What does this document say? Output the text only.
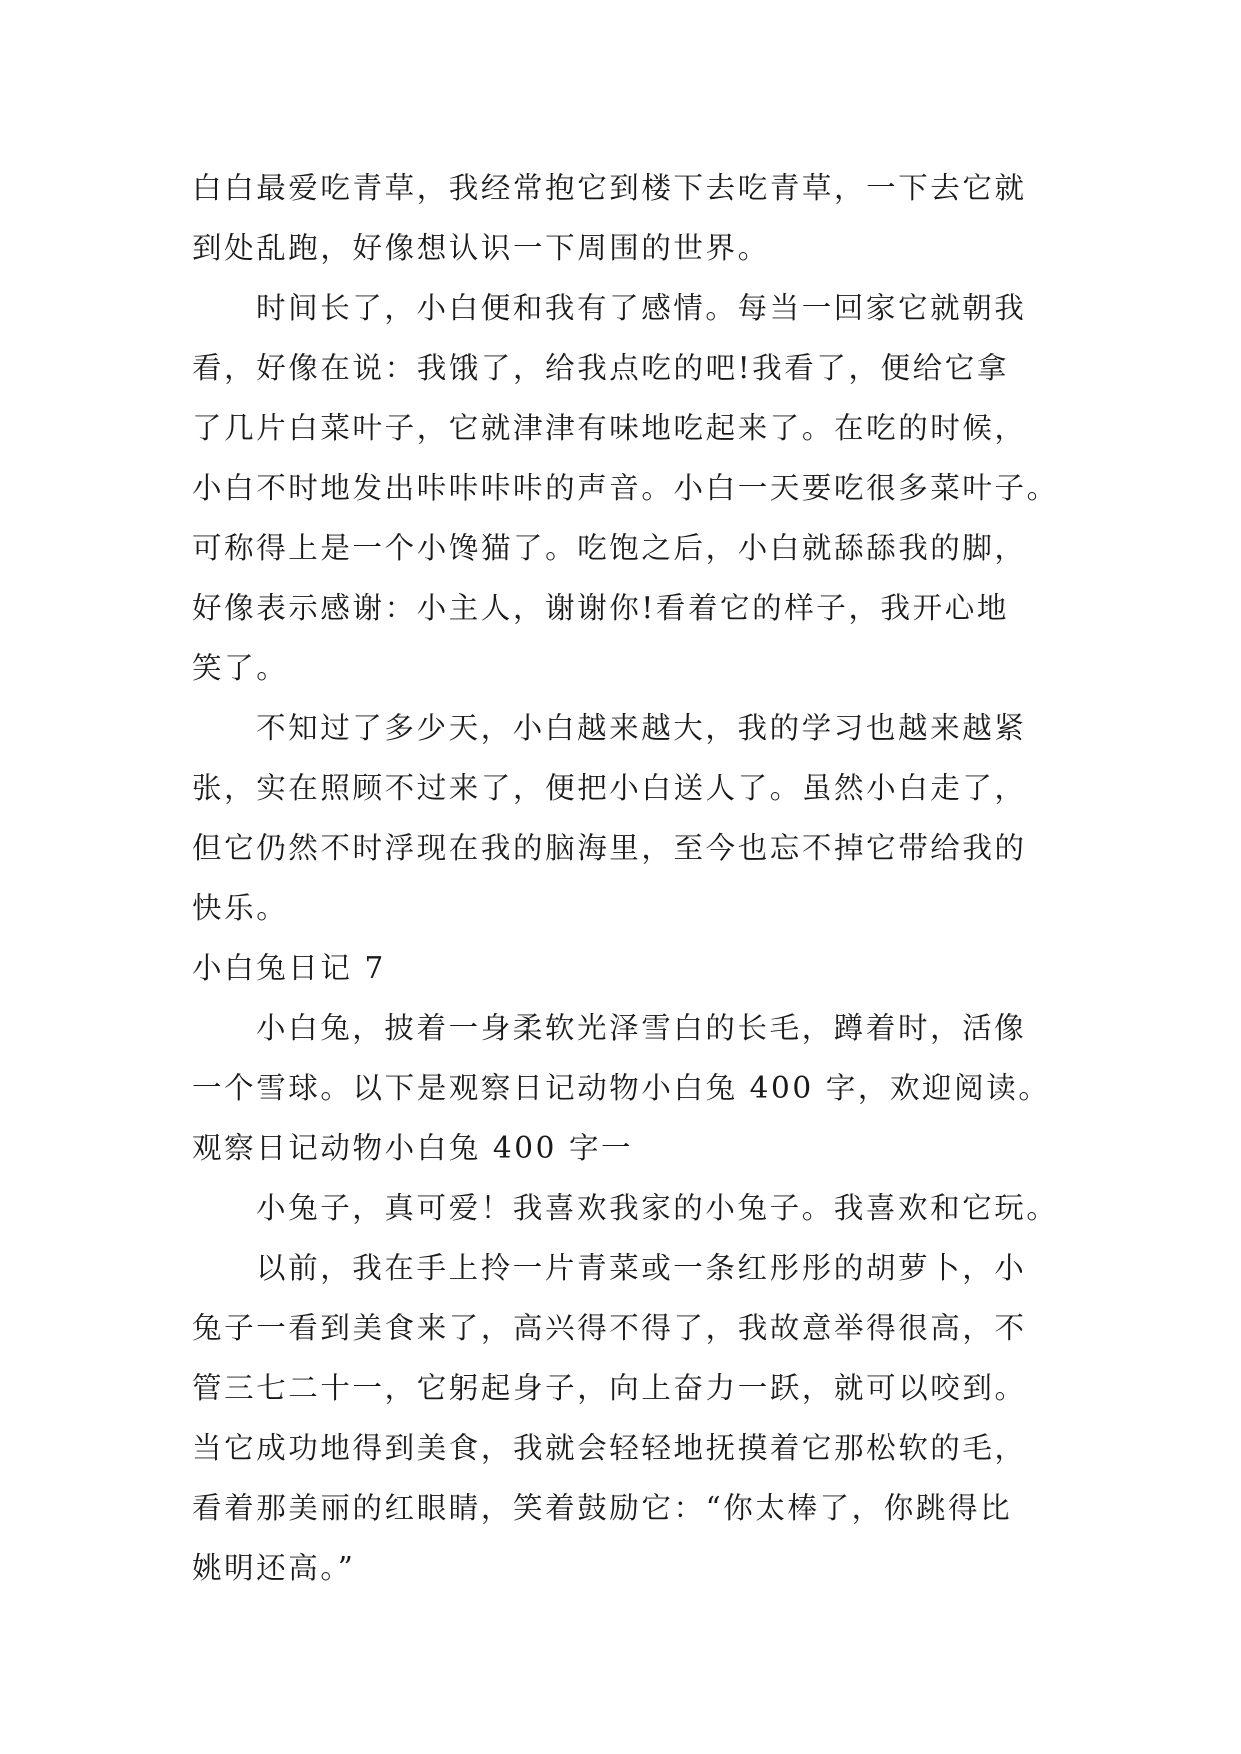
白白最爱吃青草，我经常抱它到楼下去吃青草，一下去它就
到处乱跑，好像想认识一下周围的世界。
时间长了，小白便和我有了感情。每当一回家它就朝我
看，好像在说：我饿了，给我点吃的吧!我看了，便给它拿
了几片白菜叶子，它就津津有味地吃起来了。在吃的时候，
小白不时地发出咔咔咔咔的声音。小白一天要吃很多菜叶子。
可称得上是一个小馋猫了。吃饱之后，小白就舔舔我的脚，
好像表示感谢：小主人，谢谢你!看着它的样子，我开心地
笑了。
不知过了多少天，小白越来越大，我的学习也越来越紧
张，实在照顾不过来了，便把小白送人了。虽然小白走了，
但它仍然不时浮现在我的脑海里，至今也忘不掉它带给我的
快乐。
小白兔日记 7
小白兔，披着一身柔软光泽雪白的长毛，蹲着时，活像
一个雪球。以下是观察日记动物小白兔 400 字，欢迎阅读。
观察日记动物小白兔 400 字一
小兔子，真可爱！我喜欢我家的小兔子。我喜欢和它玩。
以前，我在手上拎一片青菜或一条红彤彤的胡萝卜，小
兔子一看到美食来了，高兴得不得了，我故意举得很高，不
管三七二十一，它躬起身子，向上奋力一跃，就可以咬到。
当它成功地得到美食，我就会轻轻地抚摸着它那松软的毛，
看着那美丽的红眼睛，笑着鼓励它：“你太棒了，你跳得比
姚明还高。”
